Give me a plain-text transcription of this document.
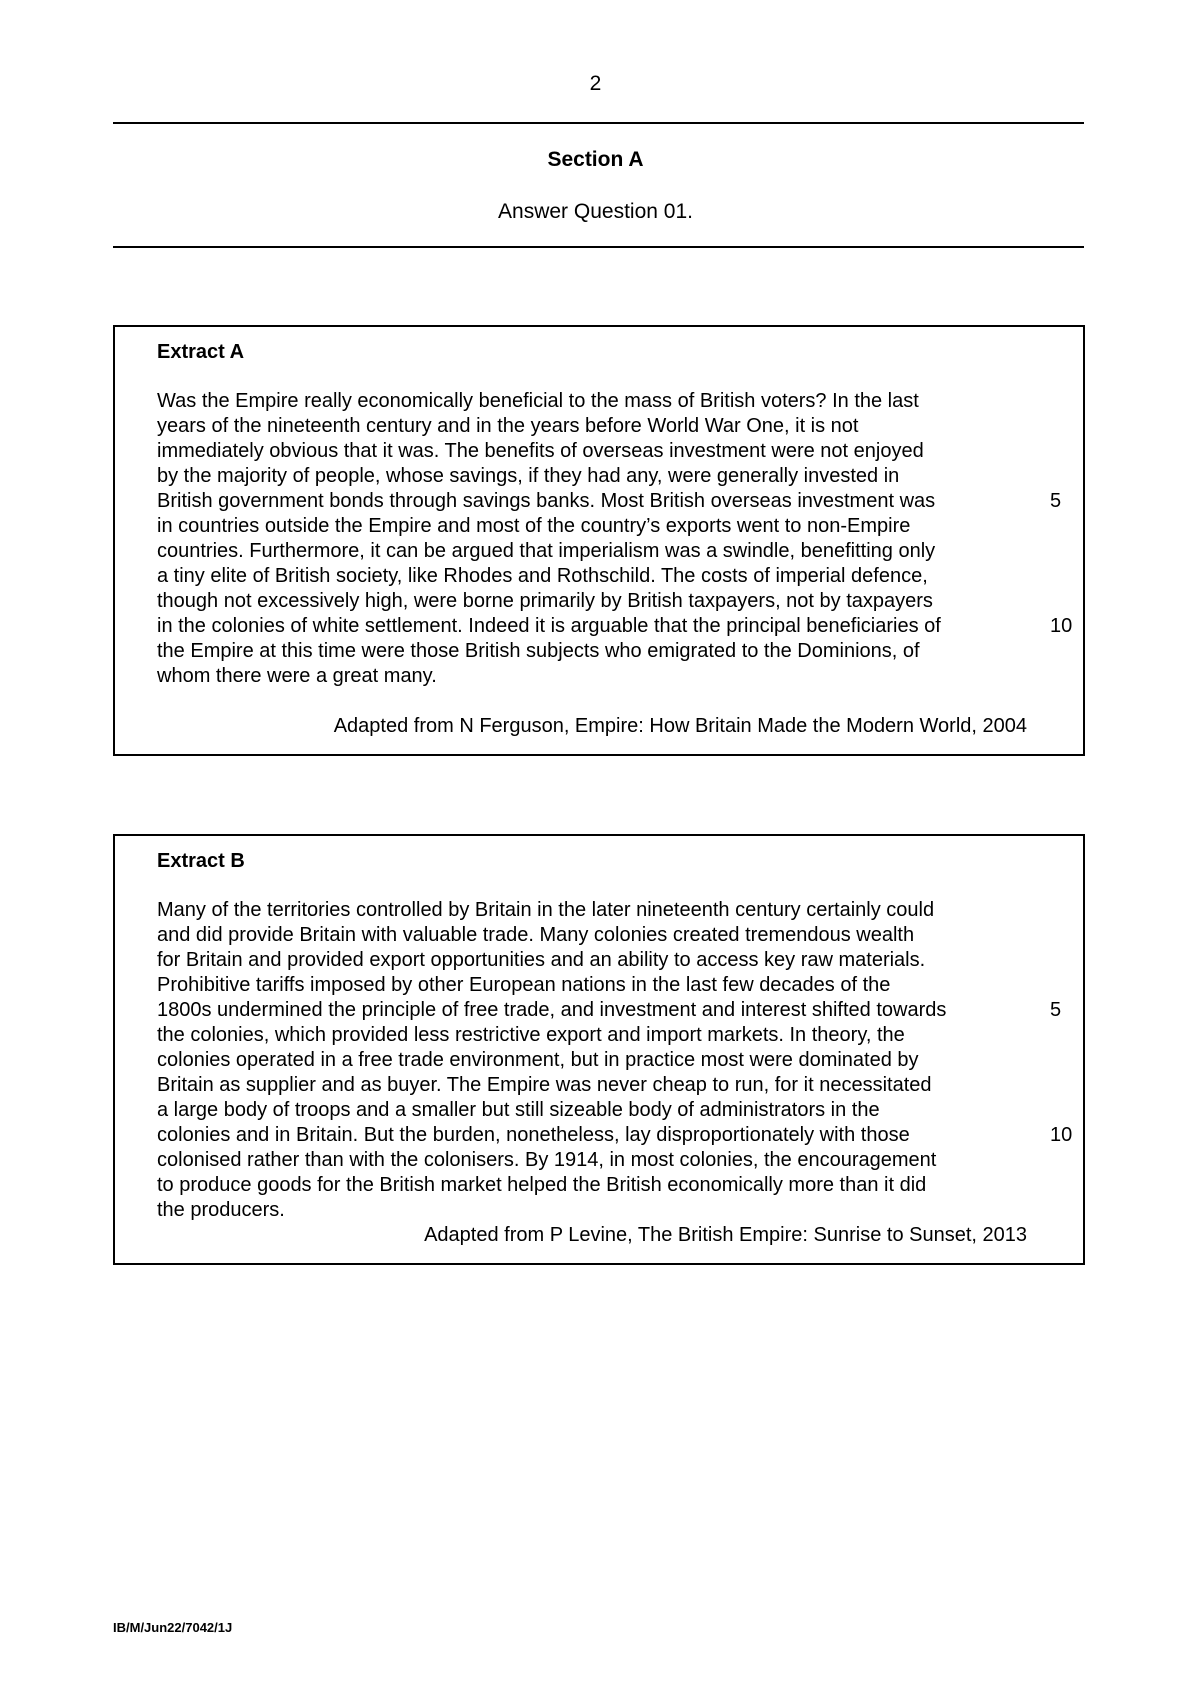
2
Section A
Answer Question 01.
Extract A
Was the Empire really economically beneficial to the mass of British voters? In the last
years of the nineteenth century and in the years before World War One, it is not
immediately obvious that it was. The benefits of overseas investment were not enjoyed
by the majority of people, whose savings, if they had any, were generally invested in
British government bonds through savings banks. Most British overseas investment was
in countries outside the Empire and most of the country’s exports went to non-Empire
countries. Furthermore, it can be argued that imperialism was a swindle, benefitting only
a tiny elite of British society, like Rhodes and Rothschild. The costs of imperial defence,
though not excessively high, were borne primarily by British taxpayers, not by taxpayers
in the colonies of white settlement. Indeed it is arguable that the principal beneficiaries of
the Empire at this time were those British subjects who emigrated to the Dominions, of
whom there were a great many.
5
10
Adapted from N Ferguson, Empire: How Britain Made the Modern World, 2004
Extract B
Many of the territories controlled by Britain in the later nineteenth century certainly could
and did provide Britain with valuable trade. Many colonies created tremendous wealth
for Britain and provided export opportunities and an ability to access key raw materials.
Prohibitive tariffs imposed by other European nations in the last few decades of the
1800s undermined the principle of free trade, and investment and interest shifted towards
the colonies, which provided less restrictive export and import markets. In theory, the
colonies operated in a free trade environment, but in practice most were dominated by
Britain as supplier and as buyer. The Empire was never cheap to run, for it necessitated
a large body of troops and a smaller but still sizeable body of administrators in the
colonies and in Britain. But the burden, nonetheless, lay disproportionately with those
colonised rather than with the colonisers. By 1914, in most colonies, the encouragement
to produce goods for the British market helped the British economically more than it did
the producers.
5
10
Adapted from P Levine, The British Empire: Sunrise to Sunset, 2013
IB/M/Jun22/7042/1J
